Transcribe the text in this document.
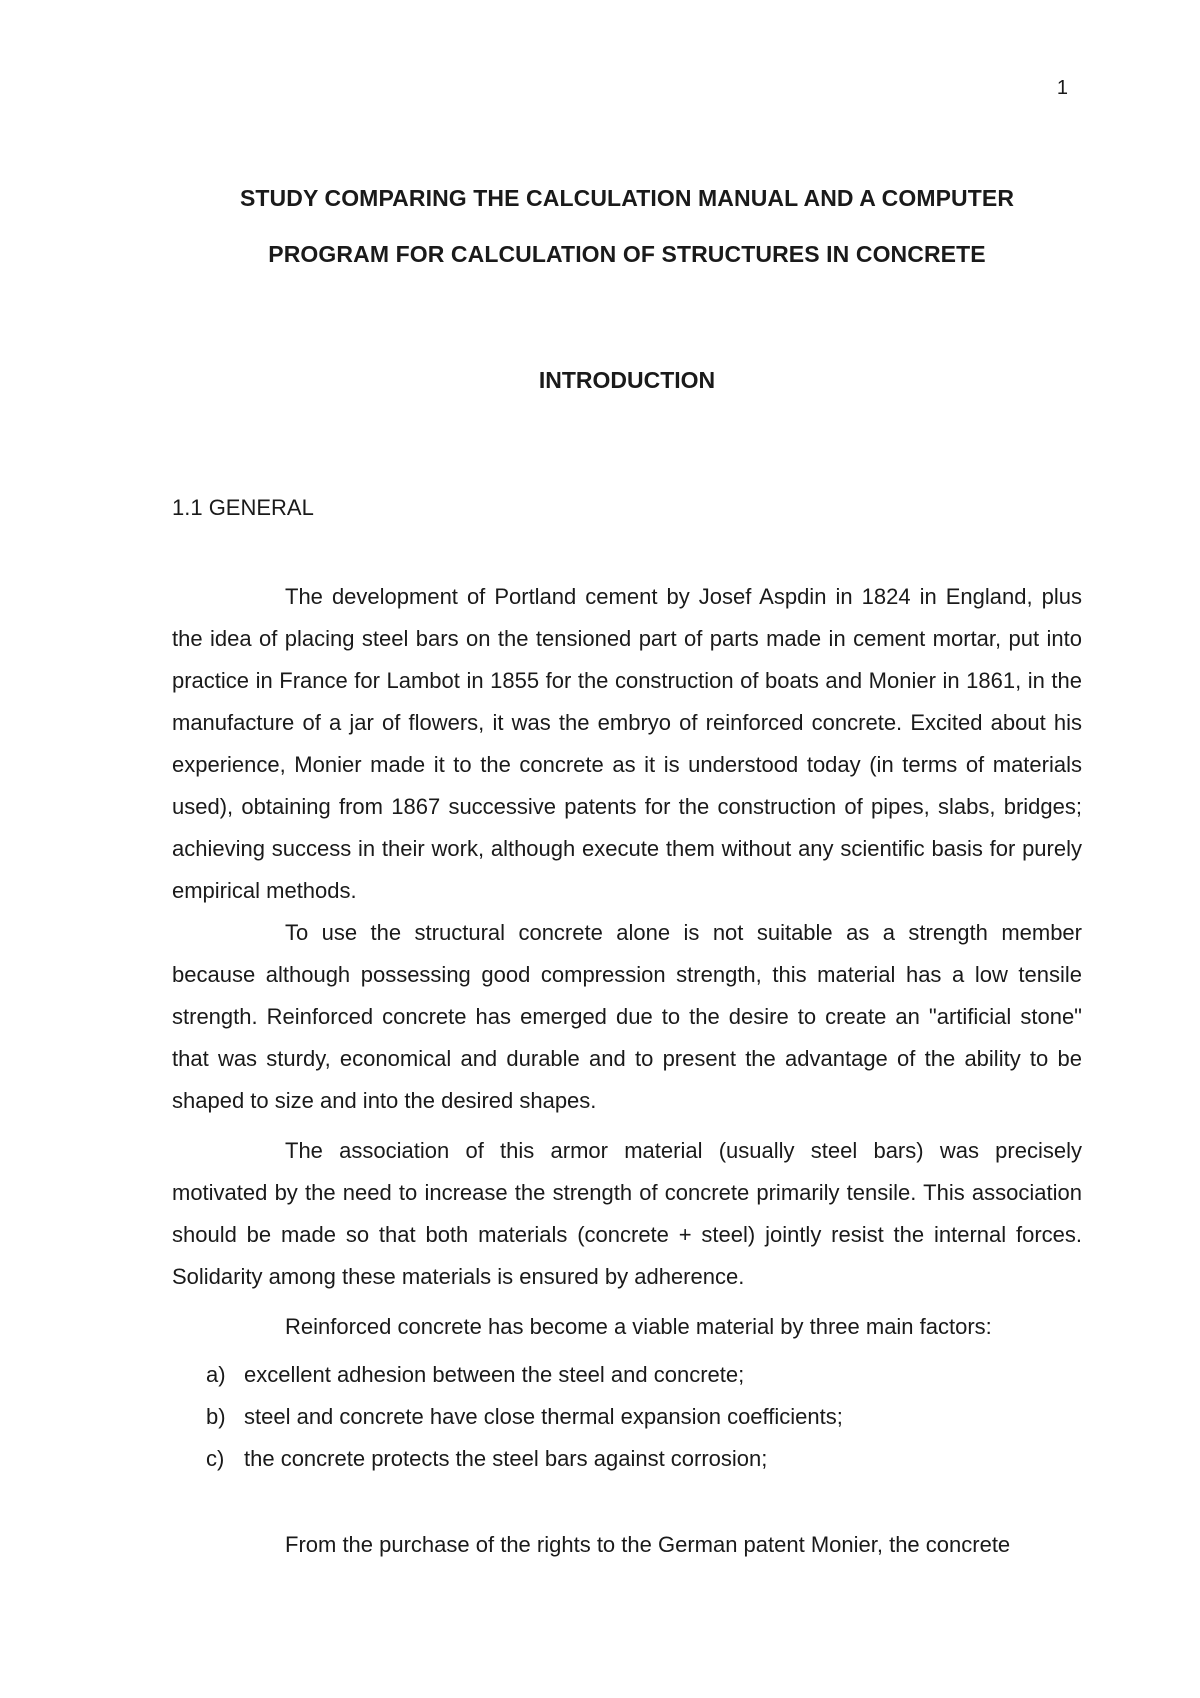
1
STUDY COMPARING THE CALCULATION MANUAL AND A COMPUTER
PROGRAM FOR CALCULATION OF STRUCTURES IN CONCRETE
INTRODUCTION
1.1 GENERAL

The development of Portland cement by Josef Aspdin in 1824 in England, plus the idea of placing steel bars on the tensioned part of parts made in cement mortar, put into practice in France for Lambot in 1855 for the construction of boats and Monier in 1861, in the manufacture of a jar of flowers, it was the embryo of reinforced concrete. Excited about his experience, Monier made it to the concrete as it is understood today (in terms of materials used), obtaining from 1867 successive patents for the construction of pipes, slabs, bridges; achieving success in their work, although execute them without any scientific basis for purely empirical methods.

To use the structural concrete alone is not suitable as a strength member because although possessing good compression strength, this material has a low tensile strength. Reinforced concrete has emerged due to the desire to create an "artificial stone" that was sturdy, economical and durable and to present the advantage of the ability to be shaped to size and into the desired shapes.

The association of this armor material (usually steel bars) was precisely motivated by the need to increase the strength of concrete primarily tensile. This association should be made so that both materials (concrete + steel) jointly resist the internal forces. Solidarity among these materials is ensured by adherence.

Reinforced concrete has become a viable material by three main factors:

a) excellent adhesion between the steel and concrete;
b) steel and concrete have close thermal expansion coefficients;
c) the concrete protects the steel bars against corrosion;

From the purchase of the rights to the German patent Monier, the concrete
